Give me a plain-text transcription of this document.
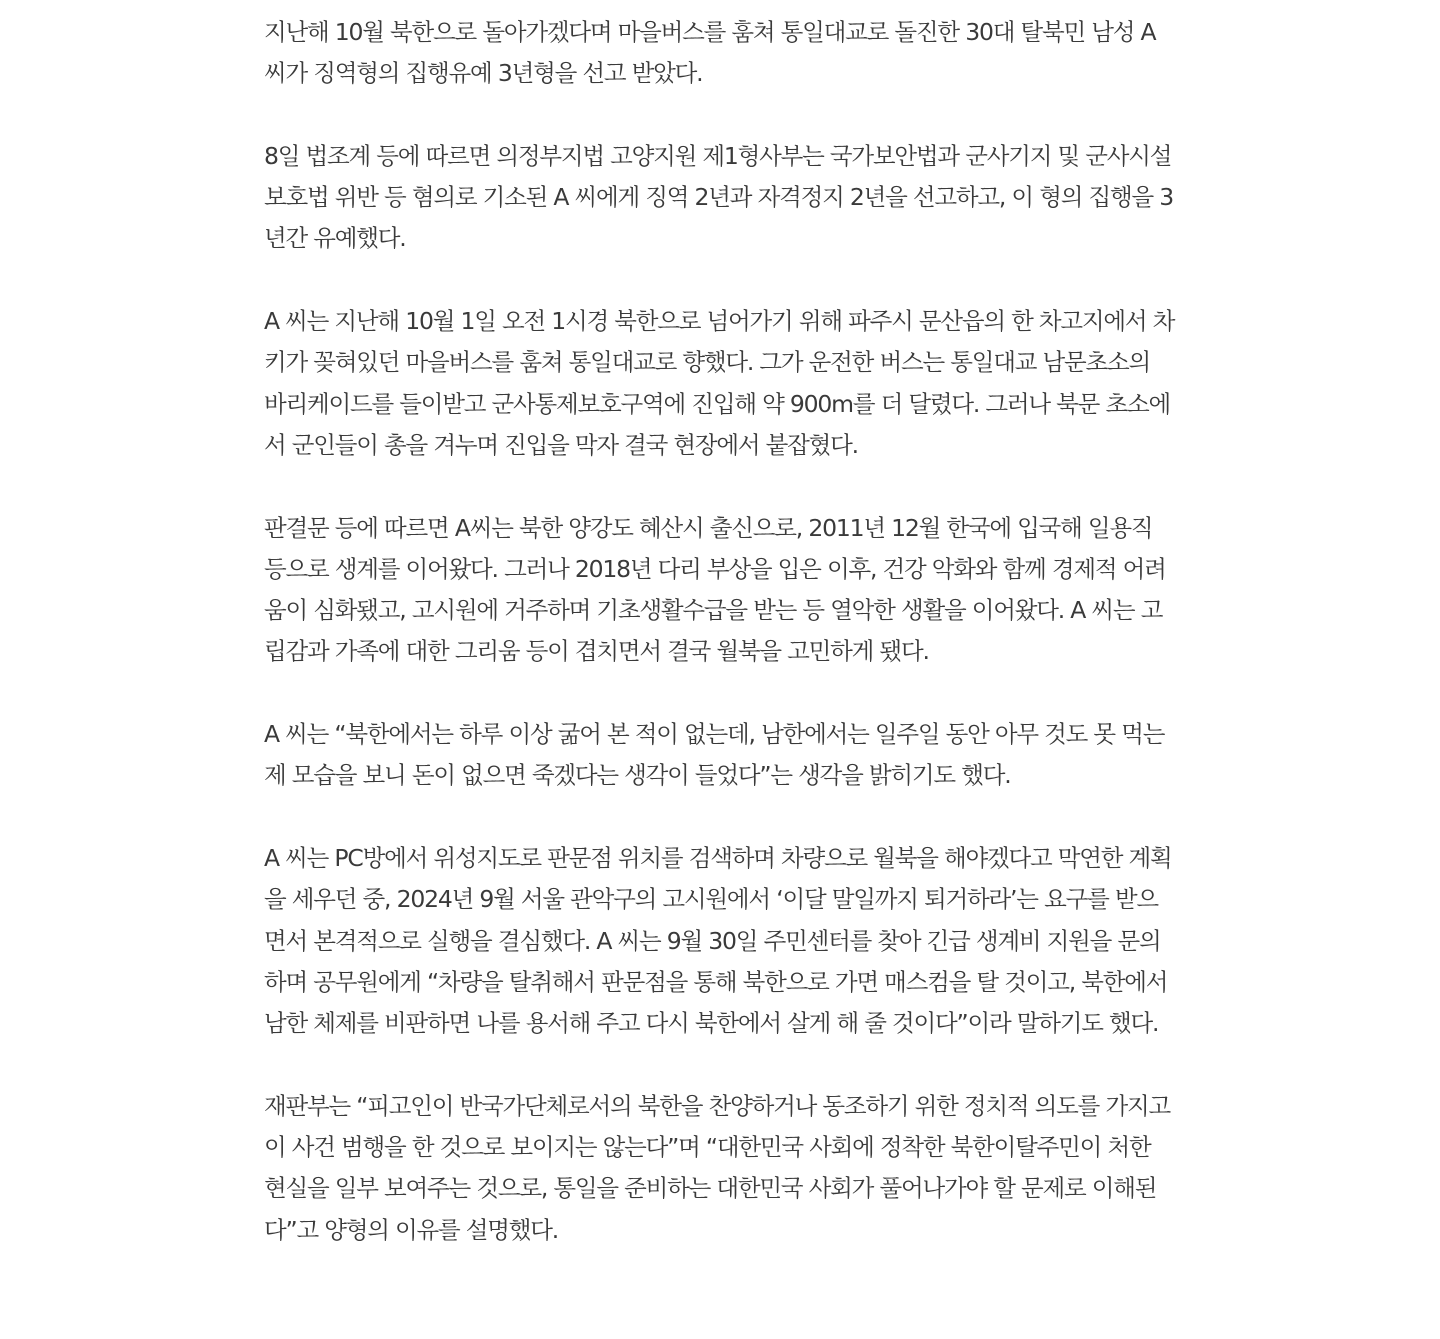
지난해 10월 북한으로 돌아가겠다며 마을버스를 훔쳐 통일대교로 돌진한 30대 탈북민 남성 A 씨가 징역형의 집행유예 3년형을 선고 받았다.

8일 법조계 등에 따르면 의정부지법 고양지원 제1형사부는 국가보안법과 군사기지 및 군사시설 보호법 위반 등 혐의로 기소된 A 씨에게 징역 2년과 자격정지 2년을 선고하고, 이 형의 집행을 3년간 유예했다.

A 씨는 지난해 10월 1일 오전 1시경 북한으로 넘어가기 위해 파주시 문산읍의 한 차고지에서 차키가 꽂혀있던 마을버스를 훔쳐 통일대교로 향했다. 그가 운전한 버스는 통일대교 남문초소의 바리케이드를 들이받고 군사통제보호구역에 진입해 약 900m를 더 달렸다. 그러나 북문 초소에서 군인들이 총을 겨누며 진입을 막자 결국 현장에서 붙잡혔다.

판결문 등에 따르면 A씨는 북한 양강도 혜산시 출신으로, 2011년 12월 한국에 입국해 일용직 등으로 생계를 이어왔다. 그러나 2018년 다리 부상을 입은 이후, 건강 악화와 함께 경제적 어려움이 심화됐고, 고시원에 거주하며 기초생활수급을 받는 등 열악한 생활을 이어왔다. A 씨는 고립감과 가족에 대한 그리움 등이 겹치면서 결국 월북을 고민하게 됐다.

A 씨는 “북한에서는 하루 이상 굶어 본 적이 없는데, 남한에서는 일주일 동안 아무 것도 못 먹는 제 모습을 보니 돈이 없으면 죽겠다는 생각이 들었다”는 생각을 밝히기도 했다.

A 씨는 PC방에서 위성지도로 판문점 위치를 검색하며 차량으로 월북을 해야겠다고 막연한 계획을 세우던 중, 2024년 9월 서울 관악구의 고시원에서 ‘이달 말일까지 퇴거하라’는 요구를 받으면서 본격적으로 실행을 결심했다. A 씨는 9월 30일 주민센터를 찾아 긴급 생계비 지원을 문의하며 공무원에게 “차량을 탈취해서 판문점을 통해 북한으로 가면 매스컴을 탈 것이고, 북한에서 남한 체제를 비판하면 나를 용서해 주고 다시 북한에서 살게 해 줄 것이다”이라 말하기도 했다.

재판부는 “피고인이 반국가단체로서의 북한을 찬양하거나 동조하기 위한 정치적 의도를 가지고 이 사건 범행을 한 것으로 보이지는 않는다”며 “대한민국 사회에 정착한 북한이탈주민이 처한 현실을 일부 보여주는 것으로, 통일을 준비하는 대한민국 사회가 풀어나가야 할 문제로 이해된다”고 양형의 이유를 설명했다.
